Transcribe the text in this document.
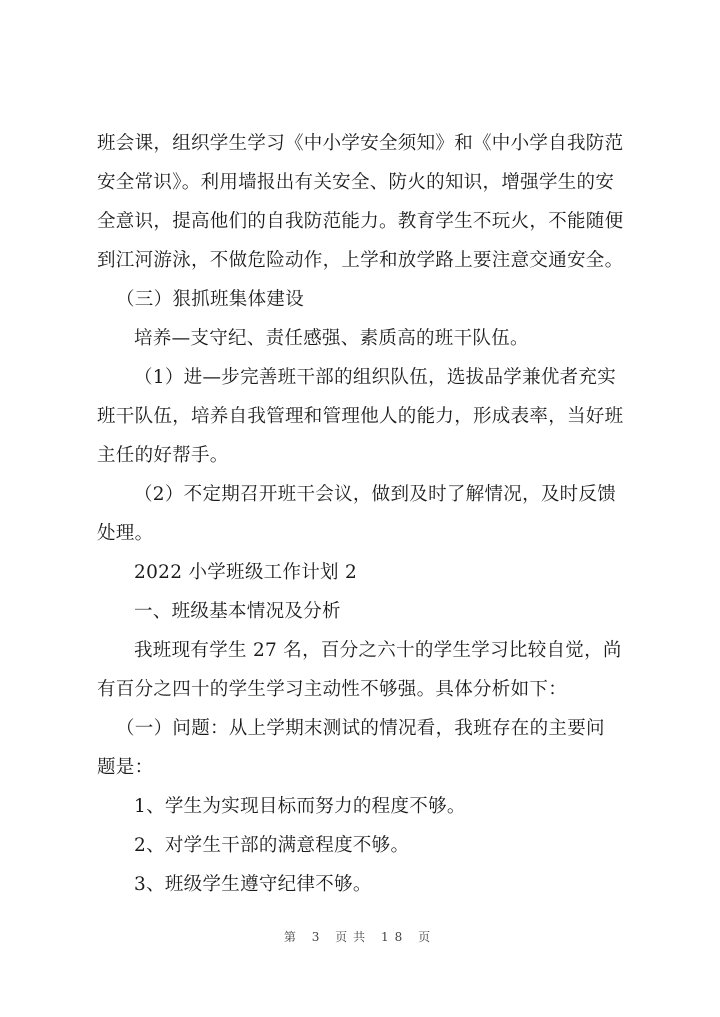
班会课，组织学生学习《中小学安全须知》和《中小学自我防范
安全常识》。利用墙报出有关安全、防火的知识，增强学生的安
全意识，提高他们的自我防范能力。教育学生不玩火，不能随便
到江河游泳，不做危险动作，上学和放学路上要注意交通安全。
（三）狠抓班集体建设
培养—支守纪、责任感强、素质高的班干队伍。
（1）进—步完善班干部的组织队伍，选拔品学兼优者充实
班干队伍，培养自我管理和管理他人的能力，形成表率，当好班
主任的好帮手。
（2）不定期召开班干会议，做到及时了解情况，及时反馈
处理。
2022 小学班级工作计划 2
一、班级基本情况及分析
我班现有学生 27 名，百分之六十的学生学习比较自觉，尚
有百分之四十的学生学习主动性不够强。具体分析如下：
（一）问题：从上学期末测试的情况看，我班存在的主要问
题是：
1、学生为实现目标而努力的程度不够。
2、对学生干部的满意程度不够。
3、班级学生遵守纪律不够。
第 3 页共 18 页
